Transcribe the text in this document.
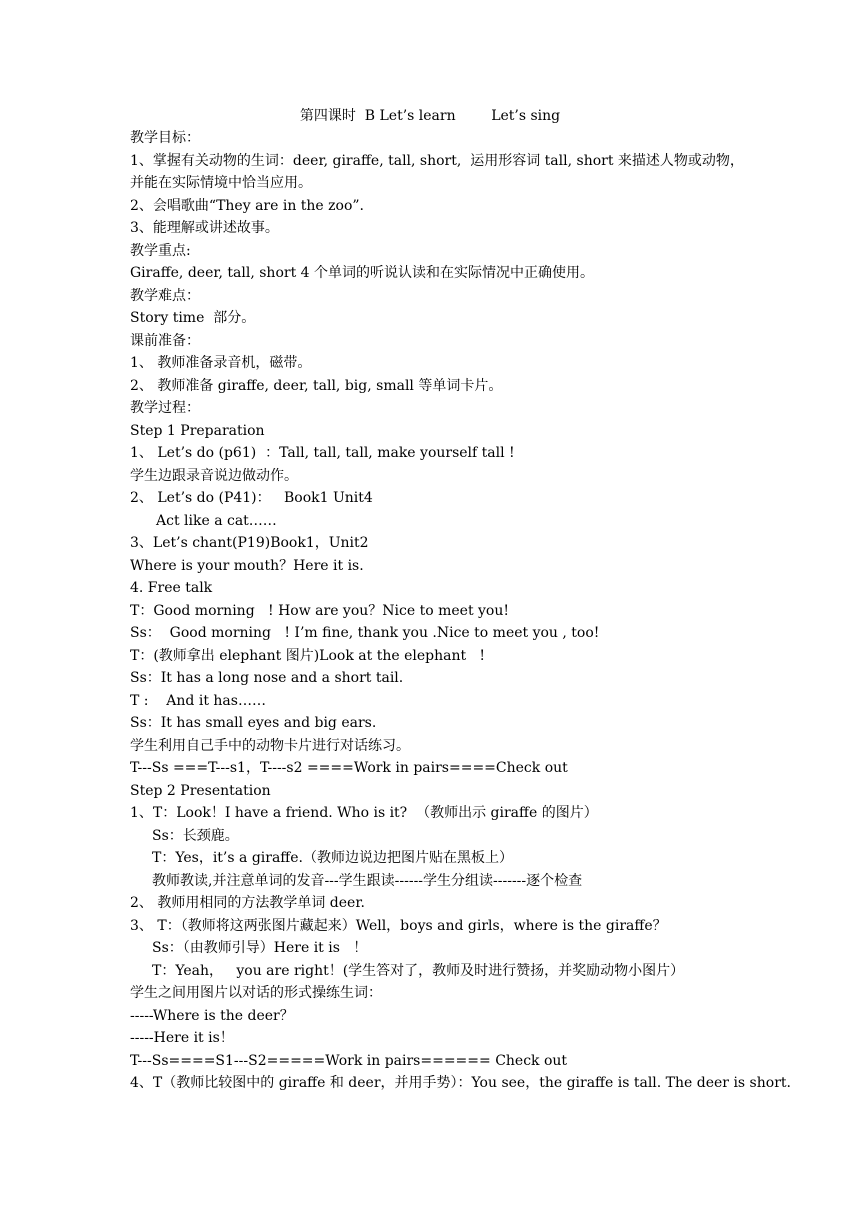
第四课时  B Let’s learn        Let’s sing
教学目标：
1、掌握有关动物的生词：deer, giraffe, tall, short,  运用形容词 tall, short 来描述人物或动物，
并能在实际情境中恰当应用。
2、会唱歌曲“They are in the zoo”.
3、能理解或讲述故事。
教学重点:
Giraffe, deer, tall, short 4 个单词的听说认读和在实际情况中正确使用。
教学难点：
Story time  部分。
课前准备：
1、 教师准备录音机，磁带。
2、 教师准备 giraffe, deer, tall, big, small 等单词卡片。
教学过程：
Step 1 Preparation
1、 Let’s do (p61)  ：Tall, tall, tall, make yourself tall !
学生边跟录音说边做动作。
2、 Let’s do (P41)：   Book1 Unit4
Act like a cat……
3、Let’s chant(P19)Book1，Unit2
Where is your mouth？Here it is.
4. Free talk
T：Good morning   ! How are you？Nice to meet you!
Ss：  Good morning   ! I’m fine, thank you .Nice to meet you , too!
T：(教师拿出 elephant 图片)Look at the elephant   !
Ss：It has a long nose and a short tail.
T :    And it has……
Ss：It has small eyes and big ears.
学生利用自己手中的动物卡片进行对话练习。
T---Ss ===T---s1，T----s2 ====Work in pairs====Check out
Step 2 Presentation
1、T：Look！I have a friend. Who is it?  （教师出示 giraffe 的图片）
Ss：长颈鹿。
T：Yes，it’s a giraffe.（教师边说边把图片贴在黑板上）
教师教读,并注意单词的发音---学生跟读------学生分组读-------逐个检查
2、 教师用相同的方法教学单词 deer.
3、 T：（教师将这两张图片藏起来）Well，boys and girls，where is the giraffe？
Ss：（由教师引导）Here it is   ！
T：Yeah，   you are right！(学生答对了，教师及时进行赞扬，并奖励动物小图片）
学生之间用图片以对话的形式操练生词：
-----Where is the deer？
-----Here it is！
T---Ss====S1---S2=====Work in pairs====== Check out
4、T（教师比较图中的 giraffe 和 deer，并用手势）：You see，the giraffe is tall. The deer is short.
